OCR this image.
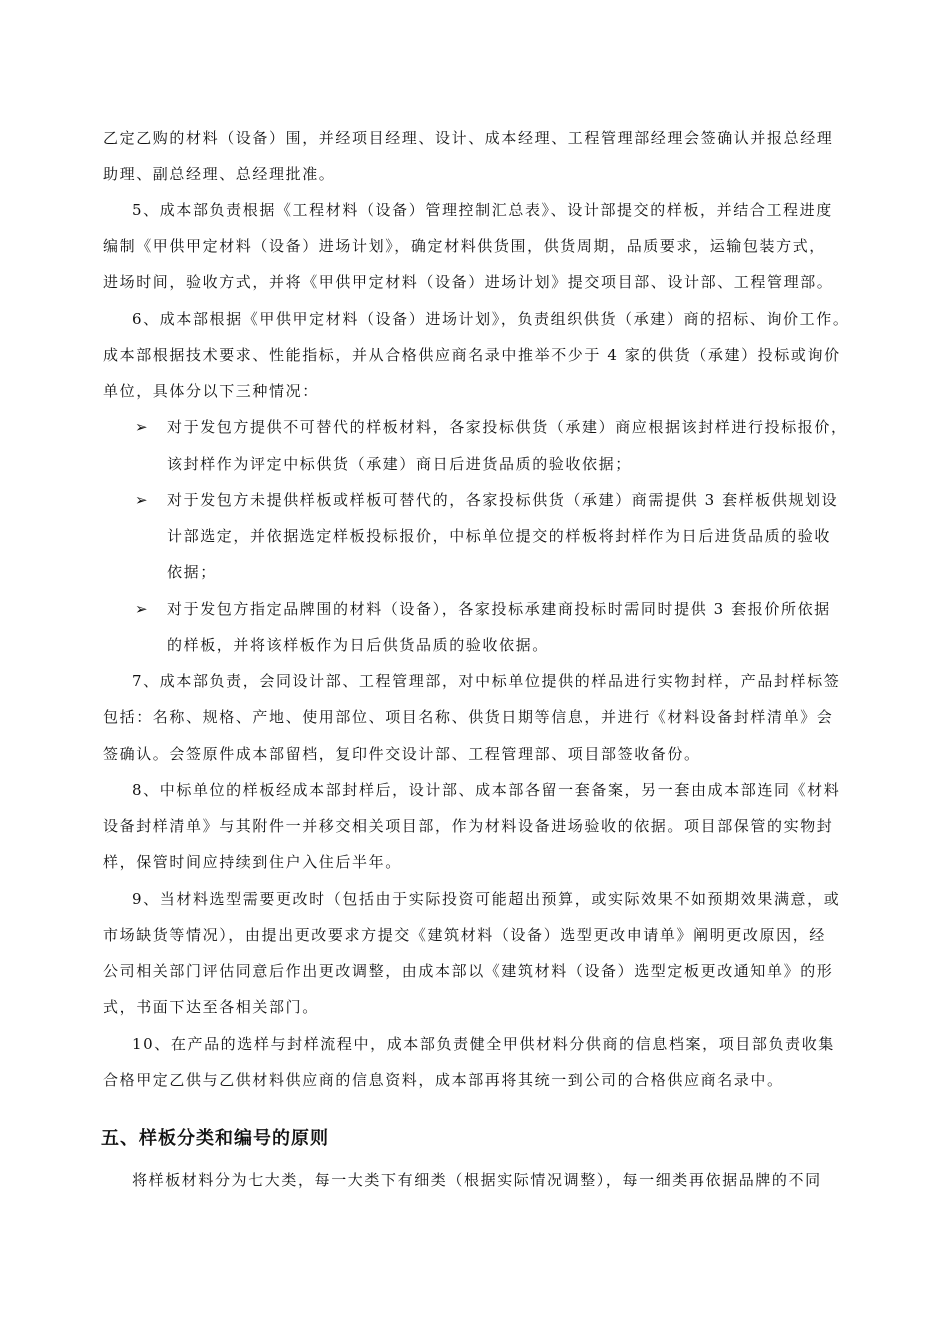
乙定乙购的材料（设备）围，并经项目经理、设计、成本经理、工程管理部经理会签确认并报总经理
助理、副总经理、总经理批准。
5、成本部负责根据《工程材料（设备）管理控制汇总表》、设计部提交的样板，并结合工程进度
编制《甲供甲定材料（设备）进场计划》，确定材料供货围，供货周期，品质要求，运输包装方式，
进场时间，验收方式，并将《甲供甲定材料（设备）进场计划》提交项目部、设计部、工程管理部。
6、成本部根据《甲供甲定材料（设备）进场计划》，负责组织供货（承建）商的招标、询价工作。
成本部根据技术要求、性能指标，并从合格供应商名录中推举不少于 4 家的供货（承建）投标或询价
单位，具体分以下三种情况：
➢ 对于发包方提供不可替代的样板材料，各家投标供货（承建）商应根据该封样进行投标报价，
该封样作为评定中标供货（承建）商日后进货品质的验收依据；
➢ 对于发包方未提供样板或样板可替代的，各家投标供货（承建）商需提供 3 套样板供规划设
计部选定，并依据选定样板投标报价，中标单位提交的样板将封样作为日后进货品质的验收
依据；
➢ 对于发包方指定品牌围的材料（设备），各家投标承建商投标时需同时提供 3 套报价所依据
的样板，并将该样板作为日后供货品质的验收依据。
7、成本部负责，会同设计部、工程管理部，对中标单位提供的样品进行实物封样，产品封样标签
包括：名称、规格、产地、使用部位、项目名称、供货日期等信息，并进行《材料设备封样清单》会
签确认。会签原件成本部留档，复印件交设计部、工程管理部、项目部签收备份。
8、中标单位的样板经成本部封样后，设计部、成本部各留一套备案，另一套由成本部连同《材料
设备封样清单》与其附件一并移交相关项目部，作为材料设备进场验收的依据。项目部保管的实物封
样，保管时间应持续到住户入住后半年。
9、当材料选型需要更改时（包括由于实际投资可能超出预算，或实际效果不如预期效果满意，或
市场缺货等情况），由提出更改要求方提交《建筑材料（设备）选型更改申请单》阐明更改原因，经
公司相关部门评估同意后作出更改调整，由成本部以《建筑材料（设备）选型定板更改通知单》的形
式，书面下达至各相关部门。
10、在产品的选样与封样流程中，成本部负责健全甲供材料分供商的信息档案，项目部负责收集
合格甲定乙供与乙供材料供应商的信息资料，成本部再将其统一到公司的合格供应商名录中。
五、样板分类和编号的原则
将样板材料分为七大类，每一大类下有细类（根据实际情况调整），每一细类再依据品牌的不同
